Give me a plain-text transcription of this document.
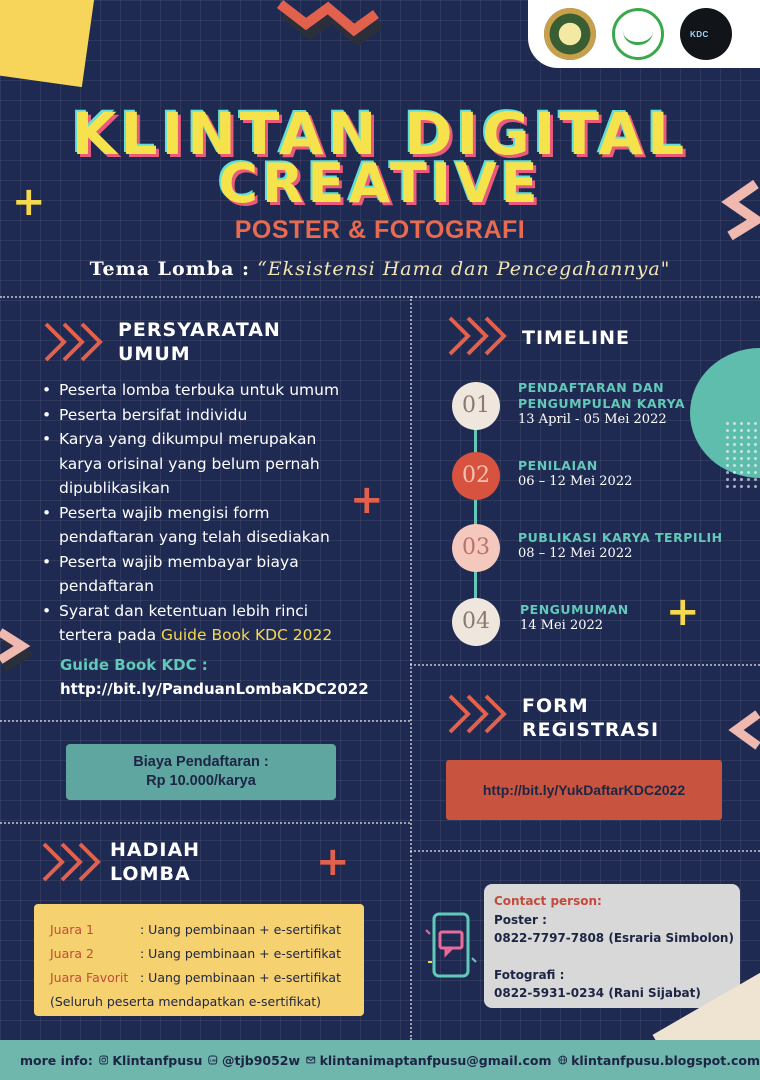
+
+
+
+
KDC
KLINTAN DIGITAL
CREATIVE
POSTER & FOTOGRAFI
Tema Lomba : “Eksistensi Hama dan Pencegahannya"
PERSYARATAN
UMUM
• Peserta lomba terbuka untuk umum
• Peserta bersifat individu
• Karya yang dikumpul merupakan karya orisinal yang belum pernah dipublikasikan
• Peserta wajib mengisi form pendaftaran yang telah disediakan
• Peserta wajib membayar biaya pendaftaran
• Syarat dan ketentuan lebih rinci tertera pada Guide Book KDC 2022
Guide Book KDC :
http://bit.ly/PanduanLombaKDC2022
Biaya Pendaftaran :
Rp 10.000/karya
TIMELINE
01
PENDAFTARAN DAN
PENGUMPULAN KARYA
13 April - 05 Mei 2022
02	PENILAIAN
06 – 12 Mei 2022
03	PUBLIKASI KARYA TERPILIH
08 – 12 Mei 2022
04	PENGUMUMAN
14 Mei 2022
FORM
REGISTRASI
http://bit.ly/YukDaftarKDC2022
HADIAH
LOMBA
Juara 1	: Uang pembinaan + e-sertifikat
Juara 2	: Uang pembinaan + e-sertifikat
Juara Favorit : Uang pembinaan + e-sertifikat
(Seluruh peserta mendapatkan e-sertifikat)
Contact person:
Poster :
0822-7797-7808 (Esraria Simbolon)
Fotografi :
0822-5931-0234 (Rani Sijabat)
more info: Klintanfpusu LINE @tjb9052w klintanimaptanfpusu@gmail.com klintanfpusu.blogspot.com
